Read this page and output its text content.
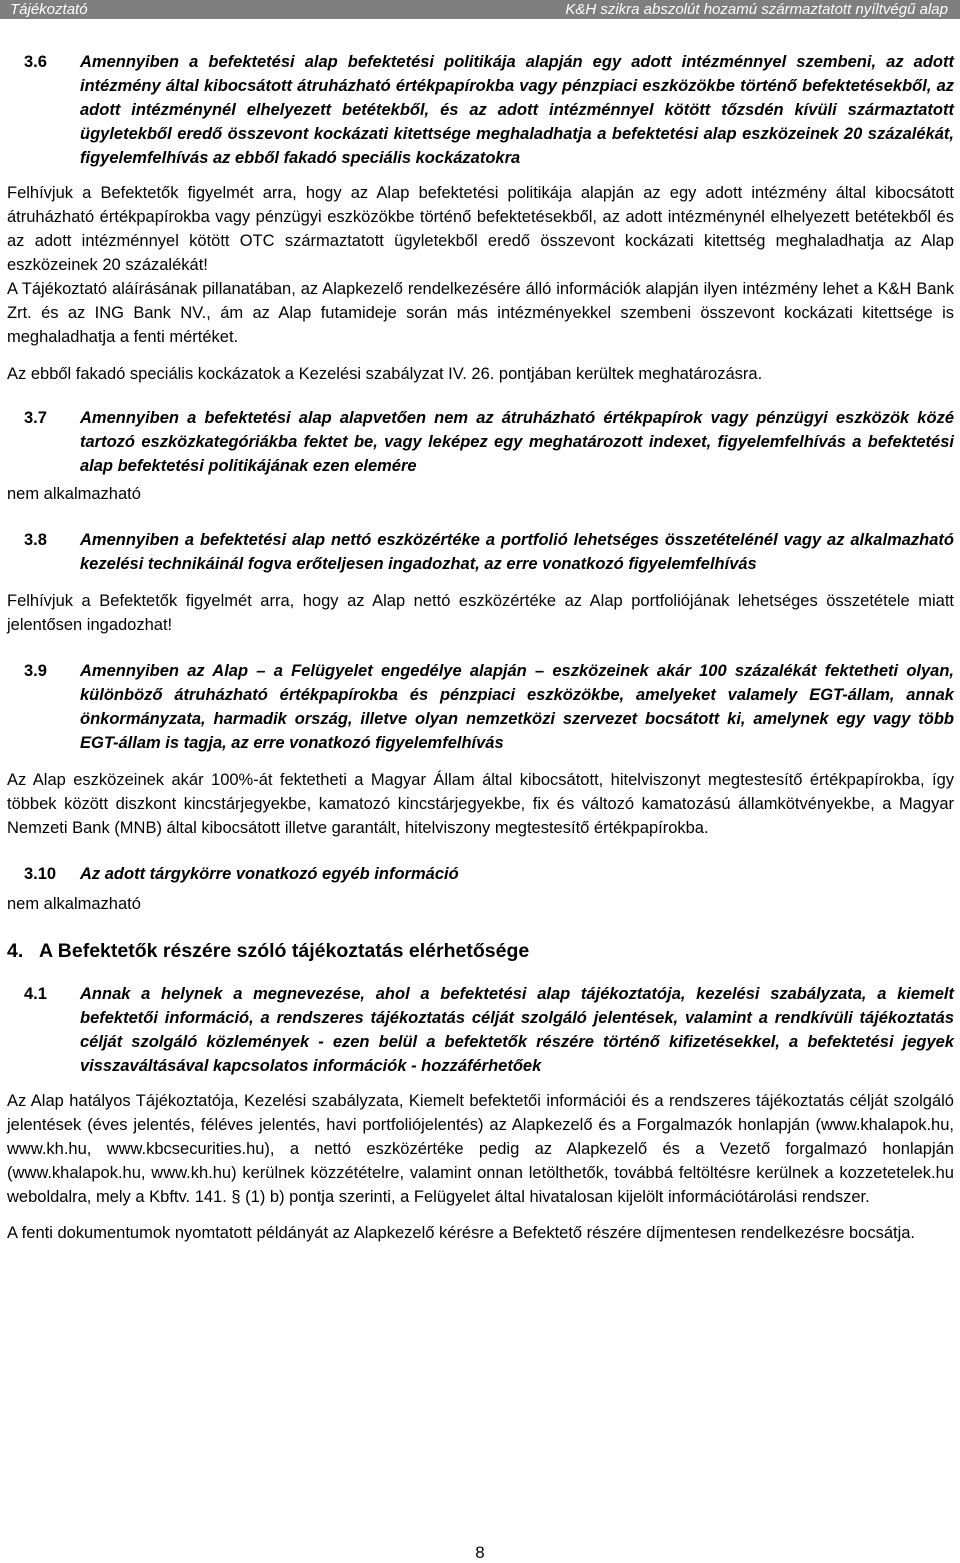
Tájékoztató	K&H szikra abszolút hozamú származtatott nyíltvégű alap
3.6 Amennyiben a befektetési alap befektetési politikája alapján egy adott intézménnyel szembeni, az adott intézmény által kibocsátott átruházható értékpapírokba vagy pénzpiaci eszközökbe történő befektetésekből, az adott intézménynél elhelyezett betétekből, és az adott intézménnyel kötött tőzsdén kívüli származtatott ügyletekből eredő összevont kockázati kitettsége meghaladhatja a befektetési alap eszközeinek 20 százalékát, figyelemfelhívás az ebből fakadó speciális kockázatokra

Felhívjuk a Befektetők figyelmét arra, hogy az Alap befektetési politikája alapján az egy adott intézmény által kibocsátott átruházható értékpapírokba vagy pénzügyi eszközökbe történő befektetésekből, az adott intézménynél elhelyezett betétekből és az adott intézménnyel kötött OTC származtatott ügyletekből eredő összevont kockázati kitettség meghaladhatja az Alap eszközeinek 20 százalékát!

A Tájékoztató aláírásának pillanatában, az Alapkezelő rendelkezésére álló információk alapján ilyen intézmény lehet a K&H Bank Zrt. és az ING Bank NV., ám az Alap futamideje során más intézményekkel szembeni összevont kockázati kitettsége is meghaladhatja a fenti mértéket.

Az ebből fakadó speciális kockázatok a Kezelési szabályzat IV. 26. pontjában kerültek meghatározásra.

3.7 Amennyiben a befektetési alap alapvetően nem az átruházható értékpapírok vagy pénzügyi eszközök közé tartozó eszközkategóriákba fektet be, vagy leképez egy meghatározott indexet, figyelemfelhívás a befektetési alap befektetési politikájának ezen elemére

nem alkalmazható

3.8 Amennyiben a befektetési alap nettó eszközértéke a portfolió lehetséges összetételénél vagy az alkalmazható kezelési technikáinál fogva erőteljesen ingadozhat, az erre vonatkozó figyelemfelhívás

Felhívjuk a Befektetők figyelmét arra, hogy az Alap nettó eszközértéke az Alap portfoliójának lehetséges összetétele miatt jelentősen ingadozhat!

3.9 Amennyiben az Alap – a Felügyelet engedélye alapján – eszközeinek akár 100 százalékát fektetheti olyan, különböző átruházható értékpapírokba és pénzpiaci eszközökbe, amelyeket valamely EGT-állam, annak önkormányzata, harmadik ország, illetve olyan nemzetközi szervezet bocsátott ki, amelynek egy vagy több EGT-állam is tagja, az erre vonatkozó figyelemfelhívás

Az Alap eszközeinek akár 100%-át fektetheti a Magyar Állam által kibocsátott, hitelviszonyt megtestesítő értékpapírokba, így többek között diszkont kincstárjegyekbe, kamatozó kincstárjegyekbe, fix és változó kamatozású államkötvényekbe, a Magyar Nemzeti Bank (MNB) által kibocsátott illetve garantált, hitelviszony megtestesítő értékpapírokba.

3.10 Az adott tárgykörre vonatkozó egyéb információ

nem alkalmazható

4. A Befektetők részére szóló tájékoztatás elérhetősége
4.1 Annak a helynek a megnevezése, ahol a befektetési alap tájékoztatója, kezelési szabályzata, a kiemelt befektetői információ, a rendszeres tájékoztatás célját szolgáló jelentések, valamint a rendkívüli tájékoztatás célját szolgáló közlemények - ezen belül a befektetők részére történő kifizetésekkel, a befektetési jegyek visszaváltásával kapcsolatos információk - hozzáférhetőek

Az Alap hatályos Tájékoztatója, Kezelési szabályzata, Kiemelt befektetői információi és a rendszeres tájékoztatás célját szolgáló jelentések (éves jelentés, féléves jelentés, havi portfoliójelentés) az Alapkezelő és a Forgalmazók honlapján (www.khalapok.hu, www.kh.hu, www.kbcsecurities.hu), a nettó eszközértéke pedig az Alapkezelő és a Vezető forgalmazó honlapján (www.khalapok.hu, www.kh.hu) kerülnek közzétételre, valamint onnan letölthetők, továbbá feltöltésre kerülnek a kozzetetelek.hu weboldalra, mely a Kbftv. 141. § (1) b) pontja szerinti, a Felügyelet által hivatalosan kijelölt információtárolási rendszer.

A fenti dokumentumok nyomtatott példányát az Alapkezelő kérésre a Befektető részére díjmentesen rendelkezésre bocsátja.

8
